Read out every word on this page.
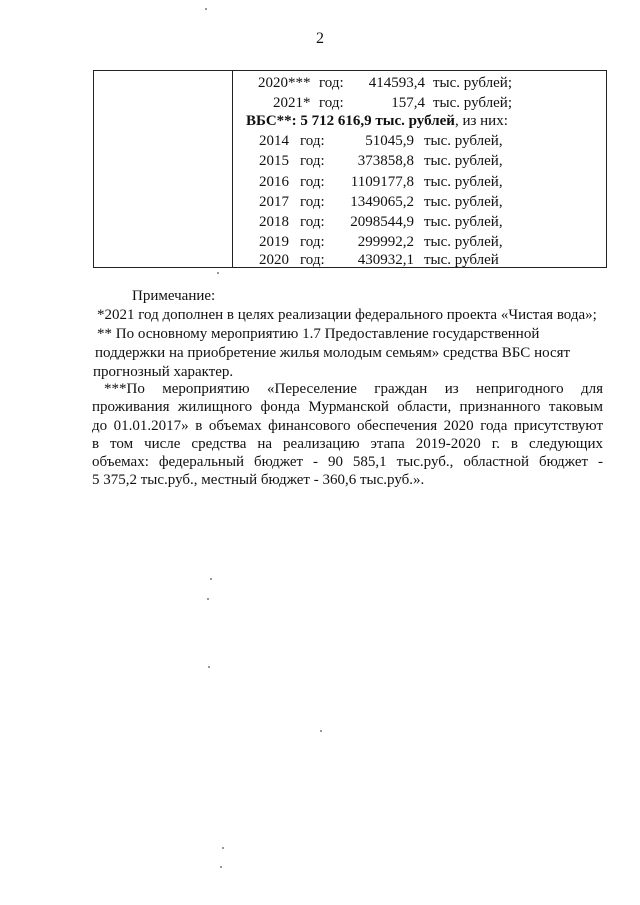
2
2020*** год:	414593,4 тыс. рублей;
2021* год:	157,4 тыс. рублей;
ВБС**: 5 712 616,9 тыс. рублей, из них:
2014 год:	51045,9 тыс. рублей,
2015 год:	373858,8 тыс. рублей,
2016 год:	1109177,8 тыс. рублей,
2017 год:	1349065,2 тыс. рублей,
2018 год:	2098544,9 тыс. рублей,
2019 год:	299992,2 тыс. рублей,
2020 год:	430932,1 тыс. рублей
Примечание:
*2021 год дополнен в целях реализации федерального проекта «Чистая вода»;
** По основному мероприятию 1.7 Предоставление государственной
поддержки на приобретение жилья молодым семьям» средства ВБС носят
прогнозный характер.
***По мероприятию «Переселение граждан из непригодного для
проживания жилищного фонда Мурманской области, признанного таковым
до 01.01.2017» в объемах финансового обеспечения 2020 года присутствуют
в том числе средства на реализацию этапа 2019-2020 г. в следующих
объемах: федеральный бюджет - 90 585,1 тыс.руб., областной бюджет -
5 375,2 тыс.руб., местный бюджет - 360,6 тыс.руб.».
